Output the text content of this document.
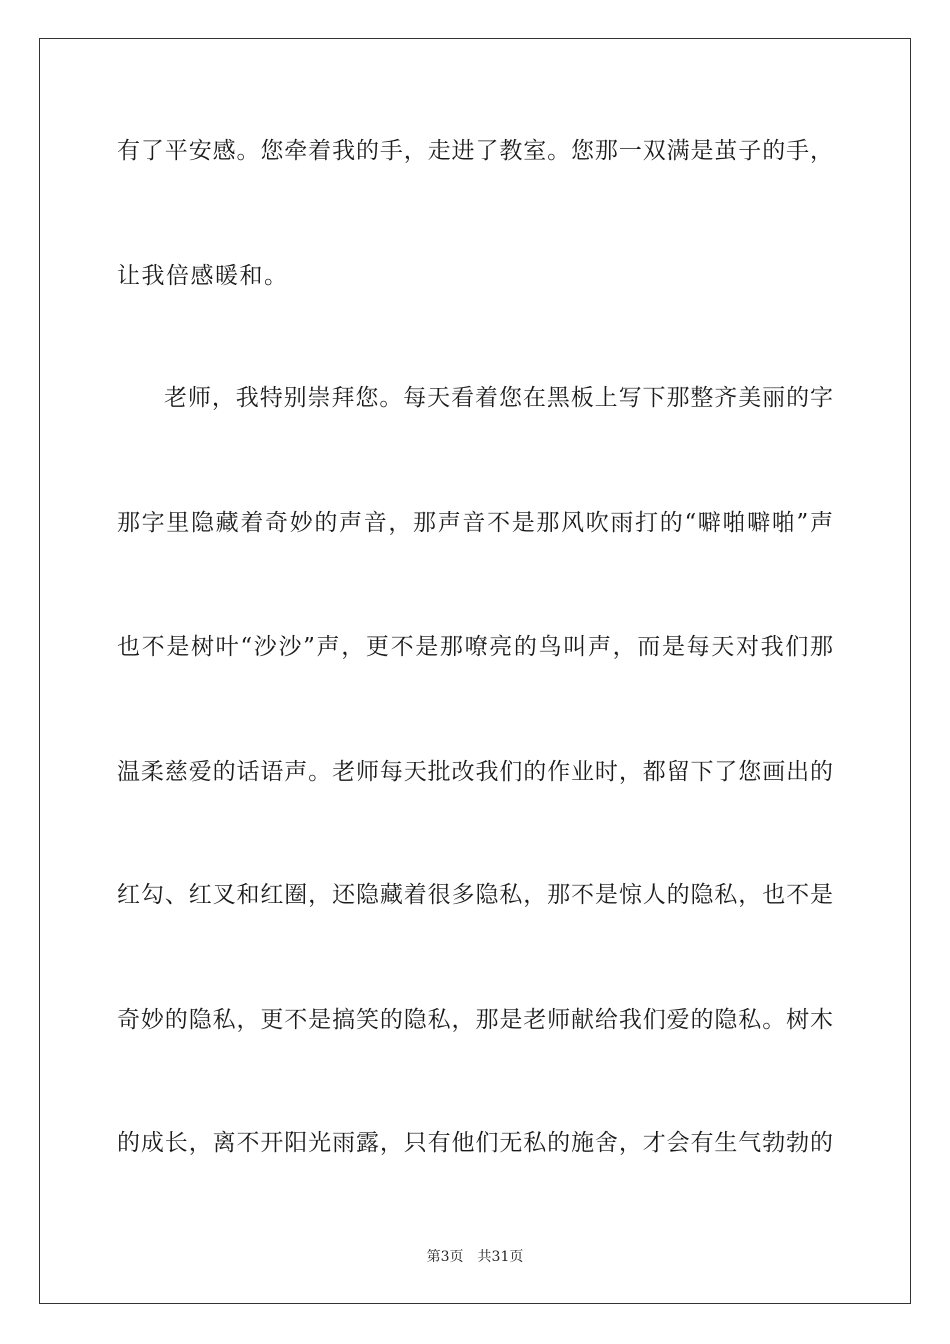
有了平安感。您牵着我的手，走进了教室。您那一双满是茧子的手，
让我倍感暖和。
老师，我特别崇拜您。每天看着您在黑板上写下那整齐美丽的字
那字里隐藏着奇妙的声音，那声音不是那风吹雨打的“噼啪噼啪”声
也不是树叶“沙沙”声，更不是那嘹亮的鸟叫声，而是每天对我们那
温柔慈爱的话语声。老师每天批改我们的作业时，都留下了您画出的
红勾、红叉和红圈，还隐藏着很多隐私，那不是惊人的隐私，也不是
奇妙的隐私，更不是搞笑的隐私，那是老师献给我们爱的隐私。树木
的成长，离不开阳光雨露，只有他们无私的施舍，才会有生气勃勃的
第3页　共31页
